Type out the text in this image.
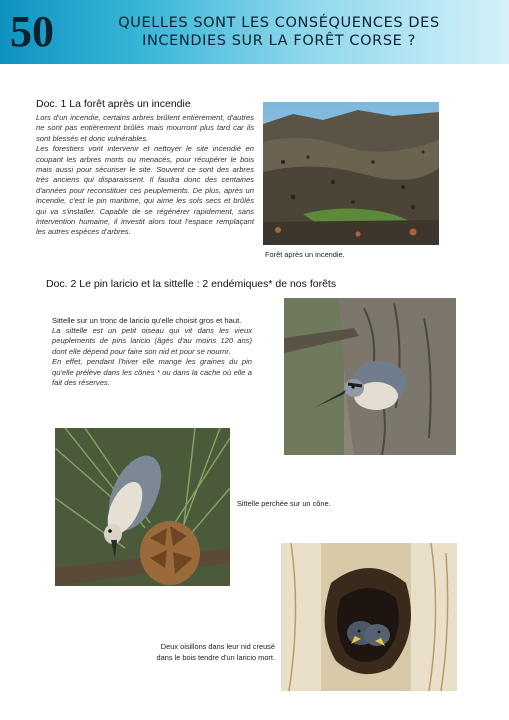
50	QUELLES SONT LES CONSÉQUENCES DES
INCENDIES SUR LA FORÊT CORSE ?
Doc. 1 La forêt après un incendie

Lors d'un incendie, certains arbres brûlent entièrement, d'autres ne sont pas entièrement brûlés mais mourront plus tard car ils sont blessés et donc vulnérables.

Les forestiers vont intervenir et nettoyer le site incendié en coupant les arbres morts ou menacés, pour récupérer le bois mais aussi pour sécuriser le site. Souvent ce sont des arbres très anciens qui disparaissent. Il faudra donc des centaines d'années pour reconstituer ces peuplements. De plus, après un incendie, c'est le pin maritime, qui aime les sols secs et brûlés qui va s'installer. Capable de se régénérer rapidement, sans intervention humaine, il investit alors tout l'espace remplaçant les autres espèces d'arbres.

Forêt après un incendie.
Doc. 2 Le pin laricio et la sittelle : 2 endémiques* de nos forêts
Sittelle sur un tronc de laricio qu'elle choisit gros et haut.

La sittelle est un petit oiseau qui vit dans les vieux peuplements de pins laricio (âgés d'au moins 120 ans) dont elle dépend pour faire son nid et pour se nourrir.

En effet, pendant l'hiver elle mange les graines du pin qu'elle prélève dans les cônes * ou dans la cache où elle a fait des réserves.

Sittelle perchée sur un cône.
Deux oisillons dans leur nid creusé
dans le bois tendre d'un laricio mort.
